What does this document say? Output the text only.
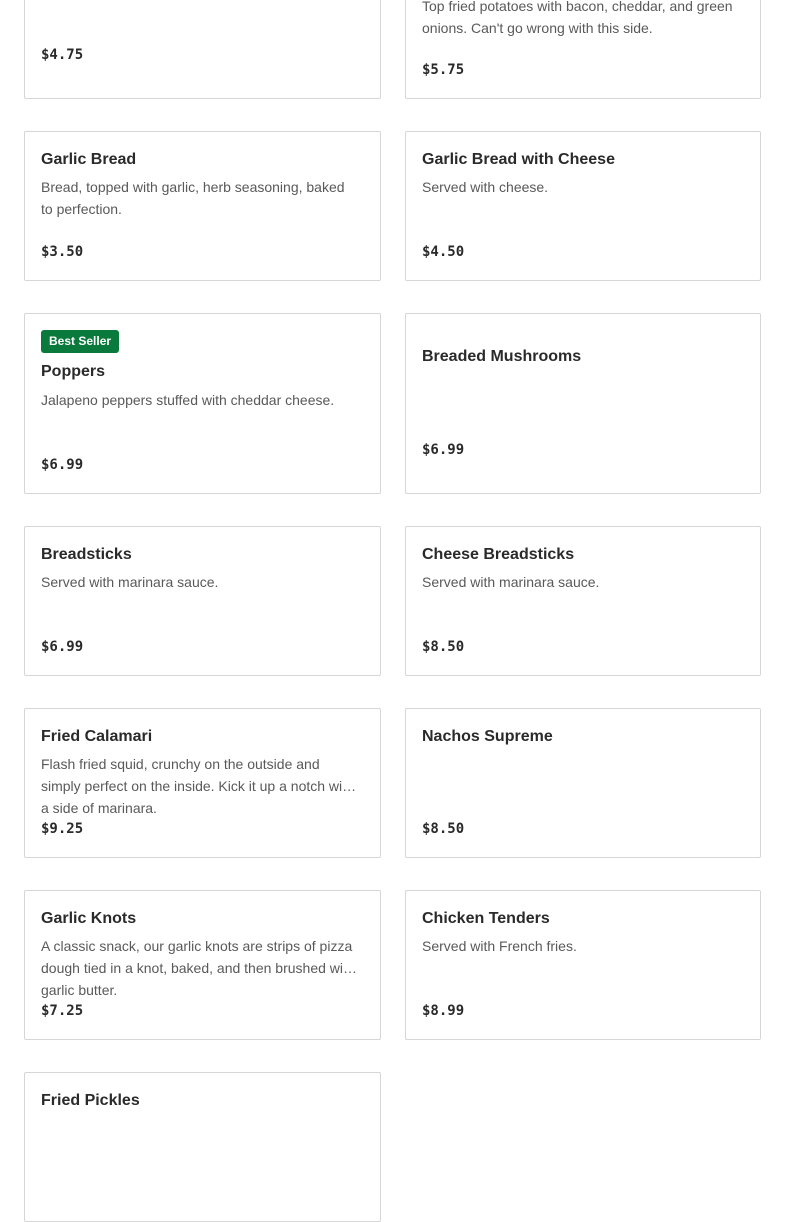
$4.75
Top fried potatoes with bacon, cheddar, and green onions. Can't go wrong with this side.
$5.75
Garlic Bread
Bread, topped with garlic, herb seasoning, baked to perfection.
$3.50
Garlic Bread with Cheese
Served with cheese.
$4.50
Best Seller
Poppers
Jalapeno peppers stuffed with cheddar cheese.
$6.99
Breaded Mushrooms
$6.99
Breadsticks
Served with marinara sauce.
$6.99
Cheese Breadsticks
Served with marinara sauce.
$8.50
Fried Calamari
Flash fried squid, crunchy on the outside and simply perfect on the inside. Kick it up a notch with a side of marinara.
$9.25
Nachos Supreme
$8.50
Garlic Knots
A classic snack, our garlic knots are strips of pizza dough tied in a knot, baked, and then brushed with garlic butter.
$7.25
Chicken Tenders
Served with French fries.
$8.99
Fried Pickles
